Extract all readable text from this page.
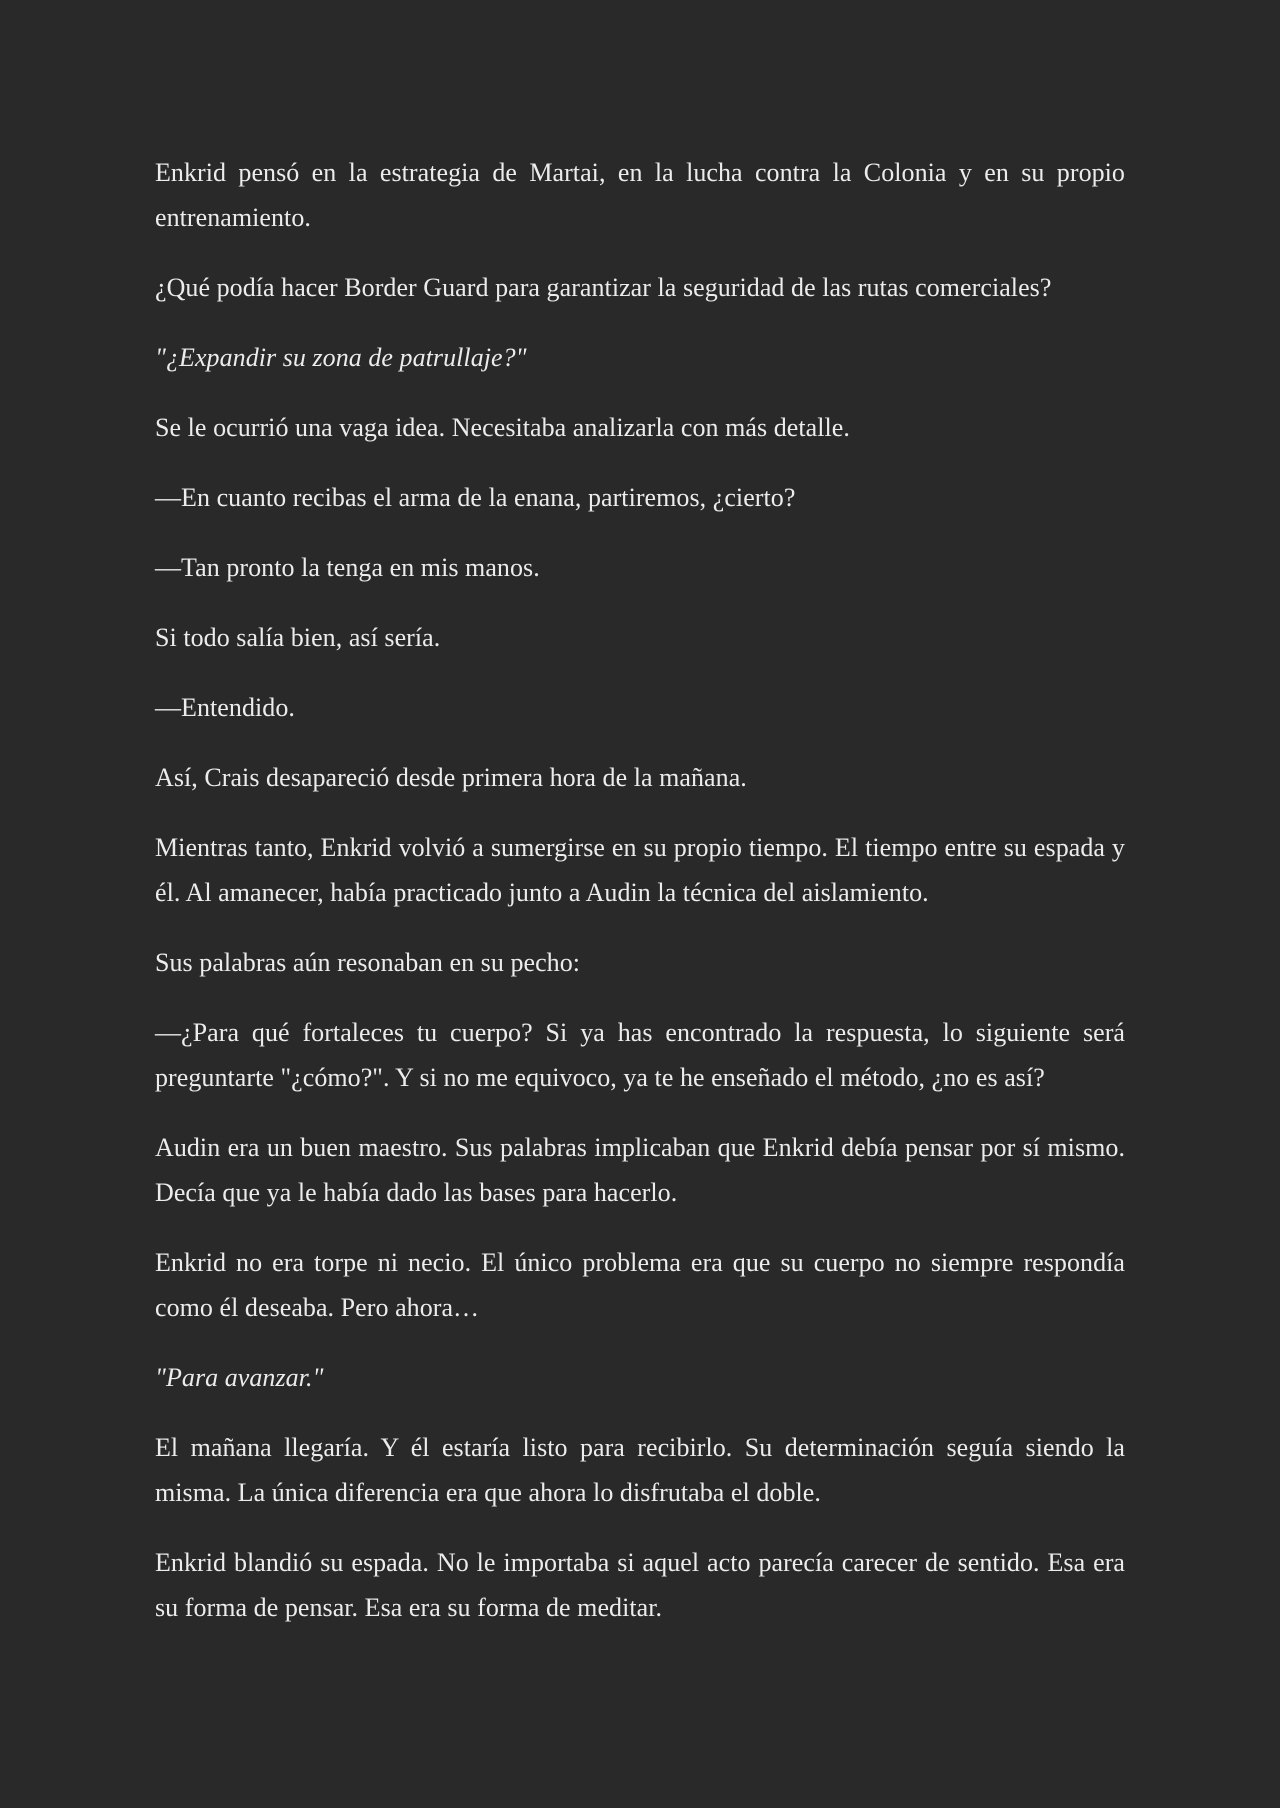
Enkrid pensó en la estrategia de Martai, en la lucha contra la Colonia y en su propio entrenamiento.

¿Qué podía hacer Border Guard para garantizar la seguridad de las rutas comerciales?

"¿Expandir su zona de patrullaje?"

Se le ocurrió una vaga idea. Necesitaba analizarla con más detalle.

—En cuanto recibas el arma de la enana, partiremos, ¿cierto?

—Tan pronto la tenga en mis manos.

Si todo salía bien, así sería.

—Entendido.

Así, Crais desapareció desde primera hora de la mañana.

Mientras tanto, Enkrid volvió a sumergirse en su propio tiempo. El tiempo entre su espada y él. Al amanecer, había practicado junto a Audin la técnica del aislamiento.

Sus palabras aún resonaban en su pecho:

—¿Para qué fortaleces tu cuerpo? Si ya has encontrado la respuesta, lo siguiente será preguntarte "¿cómo?". Y si no me equivoco, ya te he enseñado el método, ¿no es así?

Audin era un buen maestro. Sus palabras implicaban que Enkrid debía pensar por sí mismo. Decía que ya le había dado las bases para hacerlo.

Enkrid no era torpe ni necio. El único problema era que su cuerpo no siempre respondía como él deseaba. Pero ahora…

"Para avanzar."

El mañana llegaría. Y él estaría listo para recibirlo. Su determinación seguía siendo la misma. La única diferencia era que ahora lo disfrutaba el doble.

Enkrid blandió su espada. No le importaba si aquel acto parecía carecer de sentido. Esa era su forma de pensar. Esa era su forma de meditar.
